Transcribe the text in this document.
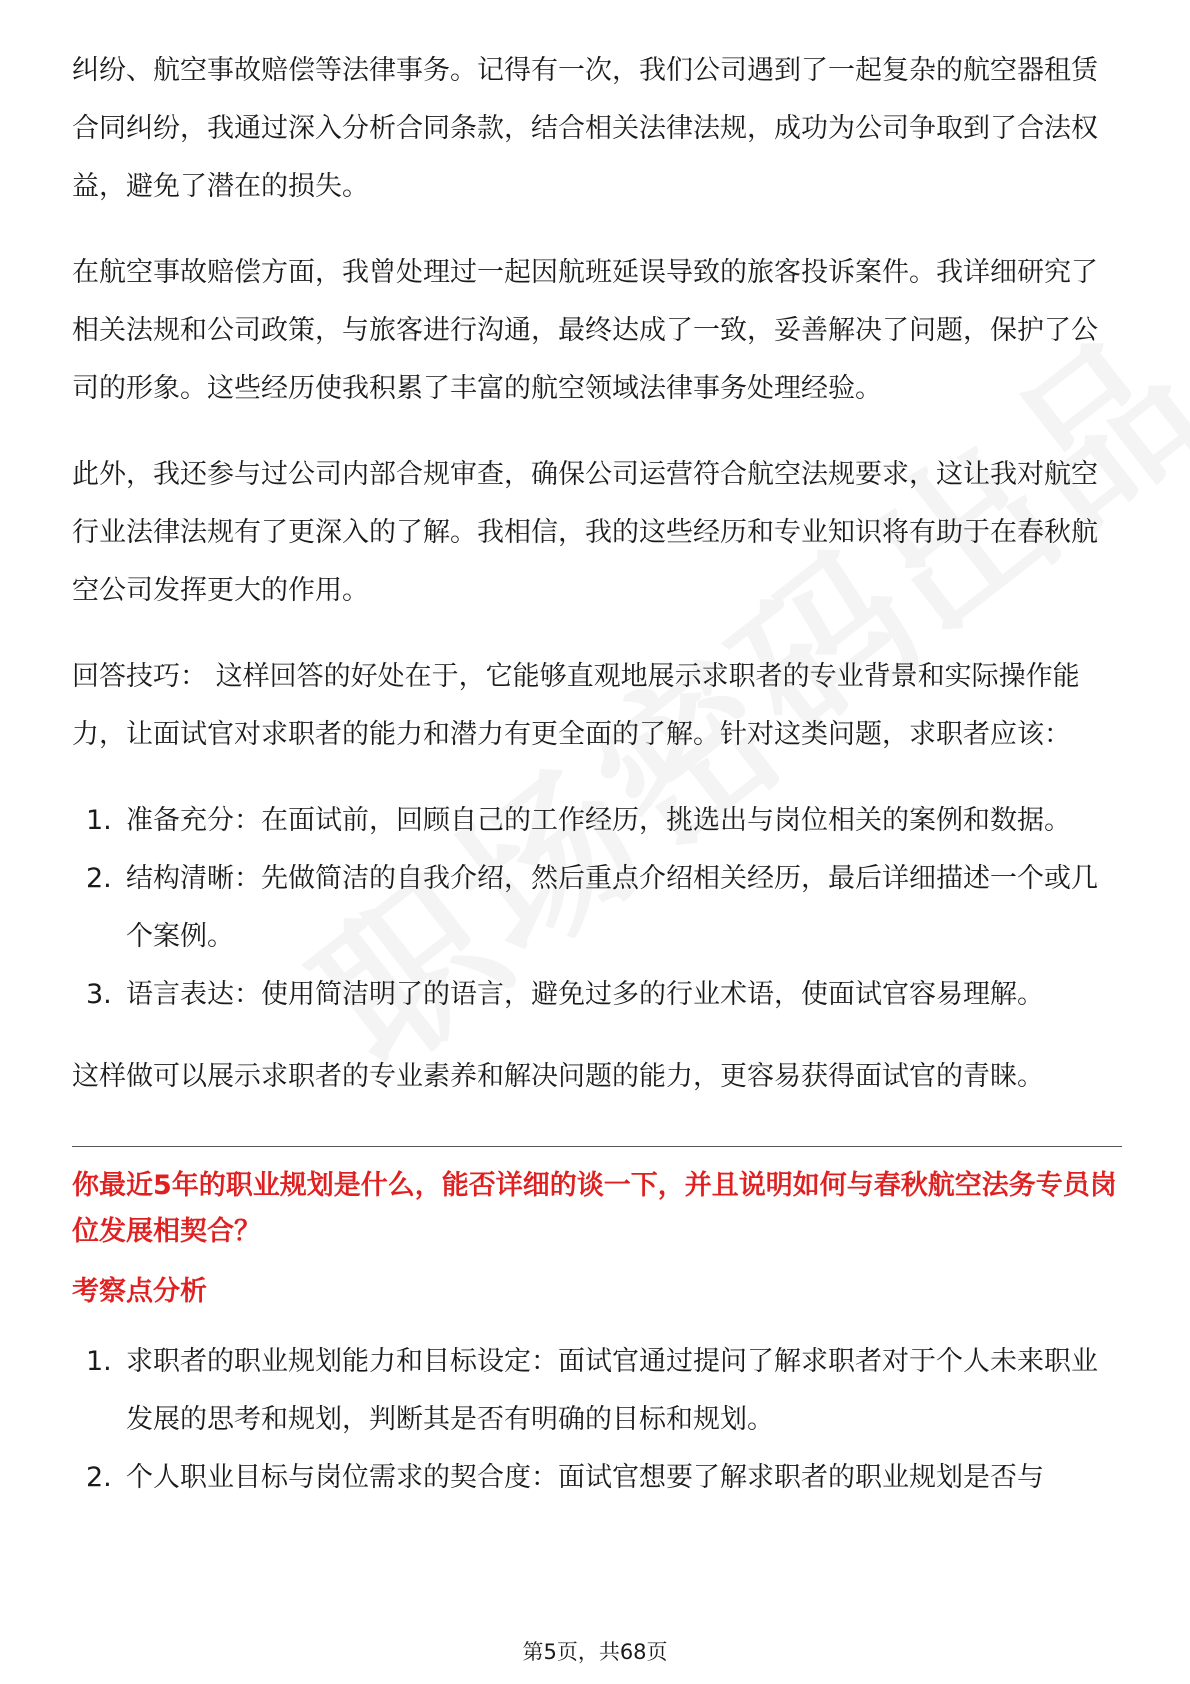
纠纷、航空事故赔偿等法律事务。记得有一次，我们公司遇到了一起复杂的航空器租赁合同纠纷，我通过深入分析合同条款，结合相关法律法规，成功为公司争取到了合法权益，避免了潜在的损失。

在航空事故赔偿方面，我曾处理过一起因航班延误导致的旅客投诉案件。我详细研究了相关法规和公司政策，与旅客进行沟通，最终达成了一致，妥善解决了问题，保护了公司的形象。这些经历使我积累了丰富的航空领域法律事务处理经验。

此外，我还参与过公司内部合规审查，确保公司运营符合航空法规要求，这让我对航空行业法律法规有了更深入的了解。我相信，我的这些经历和专业知识将有助于在春秋航空公司发挥更大的作用。

回答技巧： 这样回答的好处在于，它能够直观地展示求职者的专业背景和实际操作能力，让面试官对求职者的能力和潜力有更全面的了解。针对这类问题，求职者应该：

1. 准备充分：在面试前，回顾自己的工作经历，挑选出与岗位相关的案例和数据。
2. 结构清晰：先做简洁的自我介绍，然后重点介绍相关经历，最后详细描述一个或几个案例。
3. 语言表达：使用简洁明了的语言，避免过多的行业术语，使面试官容易理解。

这样做可以展示求职者的专业素养和解决问题的能力，更容易获得面试官的青睐。

你最近5年的职业规划是什么，能否详细的谈一下，并且说明如何与春秋航空法务专员岗位发展相契合？

考察点分析

1. 求职者的职业规划能力和目标设定：面试官通过提问了解求职者对于个人未来职业发展的思考和规划，判断其是否有明确的目标和规划。
2. 个人职业目标与岗位需求的契合度：面试官想要了解求职者的职业规划是否与
第5页，共68页
